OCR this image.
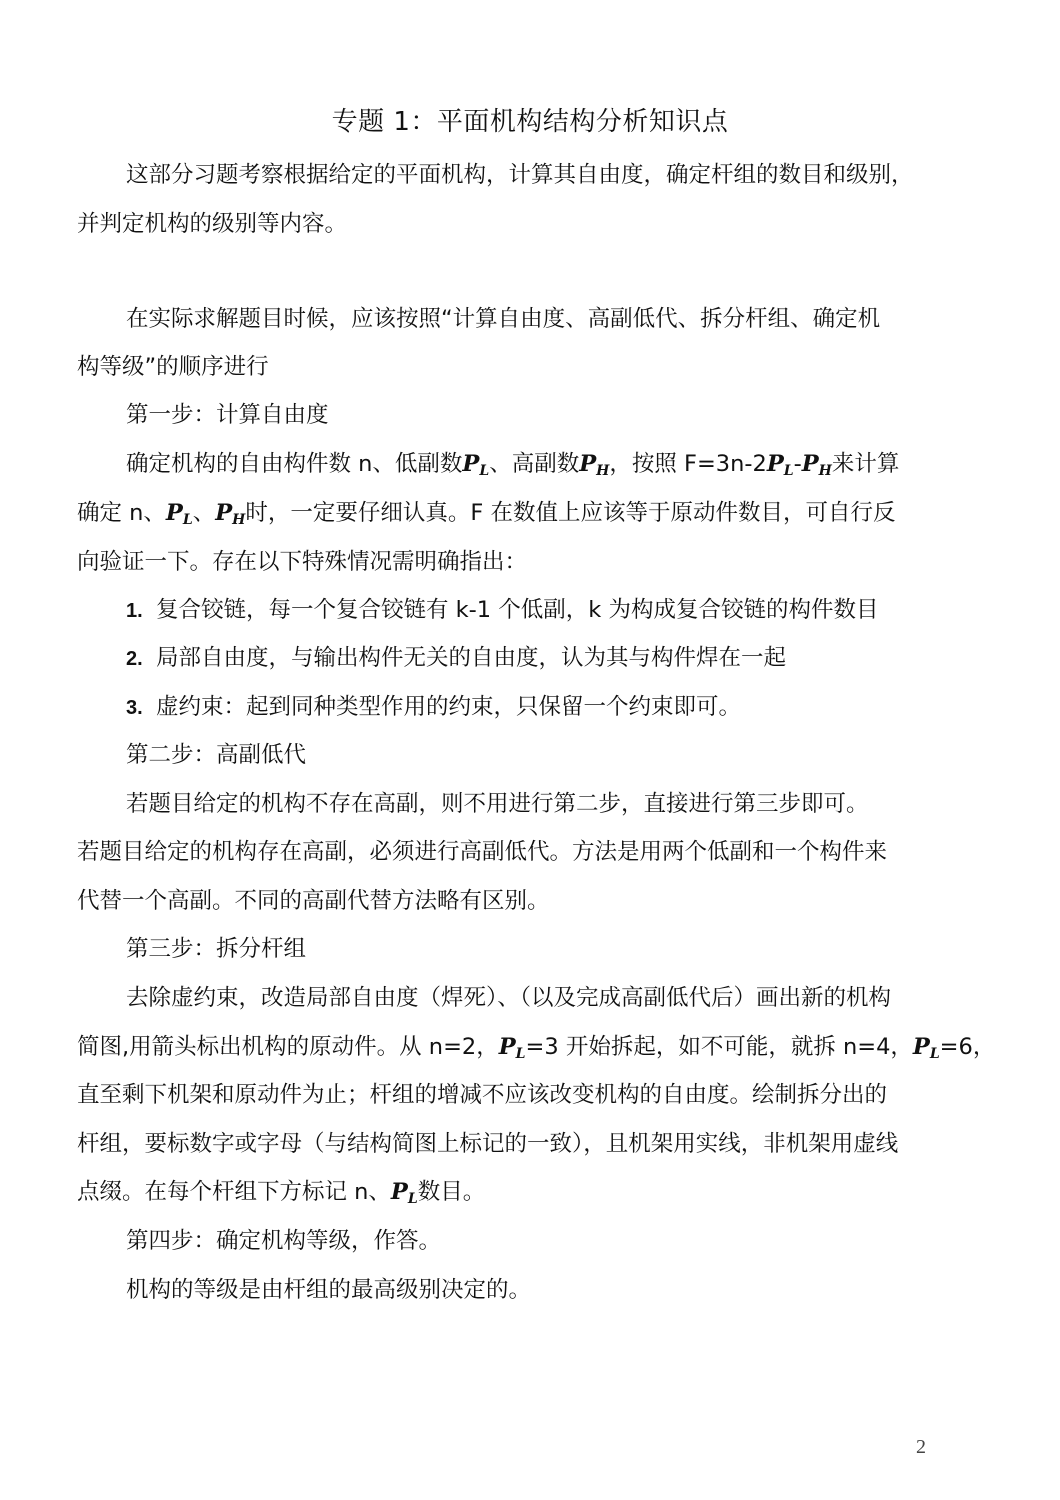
专题 1：平面机构结构分析知识点
这部分习题考察根据给定的平面机构，计算其自由度，确定杆组的数目和级别，
并判定机构的级别等内容。
在实际求解题目时候，应该按照“计算自由度、高副低代、拆分杆组、确定机
构等级”的顺序进行
第一步：计算自由度
确定机构的自由构件数 n、低副数$P_L$、高副数$P_H$，按照 $F=3n-2P_L-P_H$来计算
确定 n、$P_L$、$P_H$时，一定要仔细认真。F 在数值上应该等于原动件数目，可自行反
向验证一下。存在以下特殊情况需明确指出：
1. 复合铰链，每一个复合铰链有 k-1 个低副，k 为构成复合铰链的构件数目
2. 局部自由度，与输出构件无关的自由度，认为其与构件焊在一起
3. 虚约束：起到同种类型作用的约束，只保留一个约束即可。
第二步：高副低代
若题目给定的机构不存在高副，则不用进行第二步，直接进行第三步即可。
若题目给定的机构存在高副，必须进行高副低代。方法是用两个低副和一个构件来
代替一个高副。不同的高副代替方法略有区别。
第三步：拆分杆组
去除虚约束，改造局部自由度（焊死）、（以及完成高副低代后）画出新的机构
简图,用箭头标出机构的原动件。从 n=2，$P_L=3$ 开始拆起，如不可能，就拆 n=4，$P_L=6$，
直至剩下机架和原动件为止；杆组的增减不应该改变机构的自由度。绘制拆分出的
杆组，要标数字或字母（与结构简图上标记的一致），且机架用实线，非机架用虚线
点缀。在每个杆组下方标记 n、$P_L$数目。
第四步：确定机构等级，作答。
机构的等级是由杆组的最高级别决定的。
2
